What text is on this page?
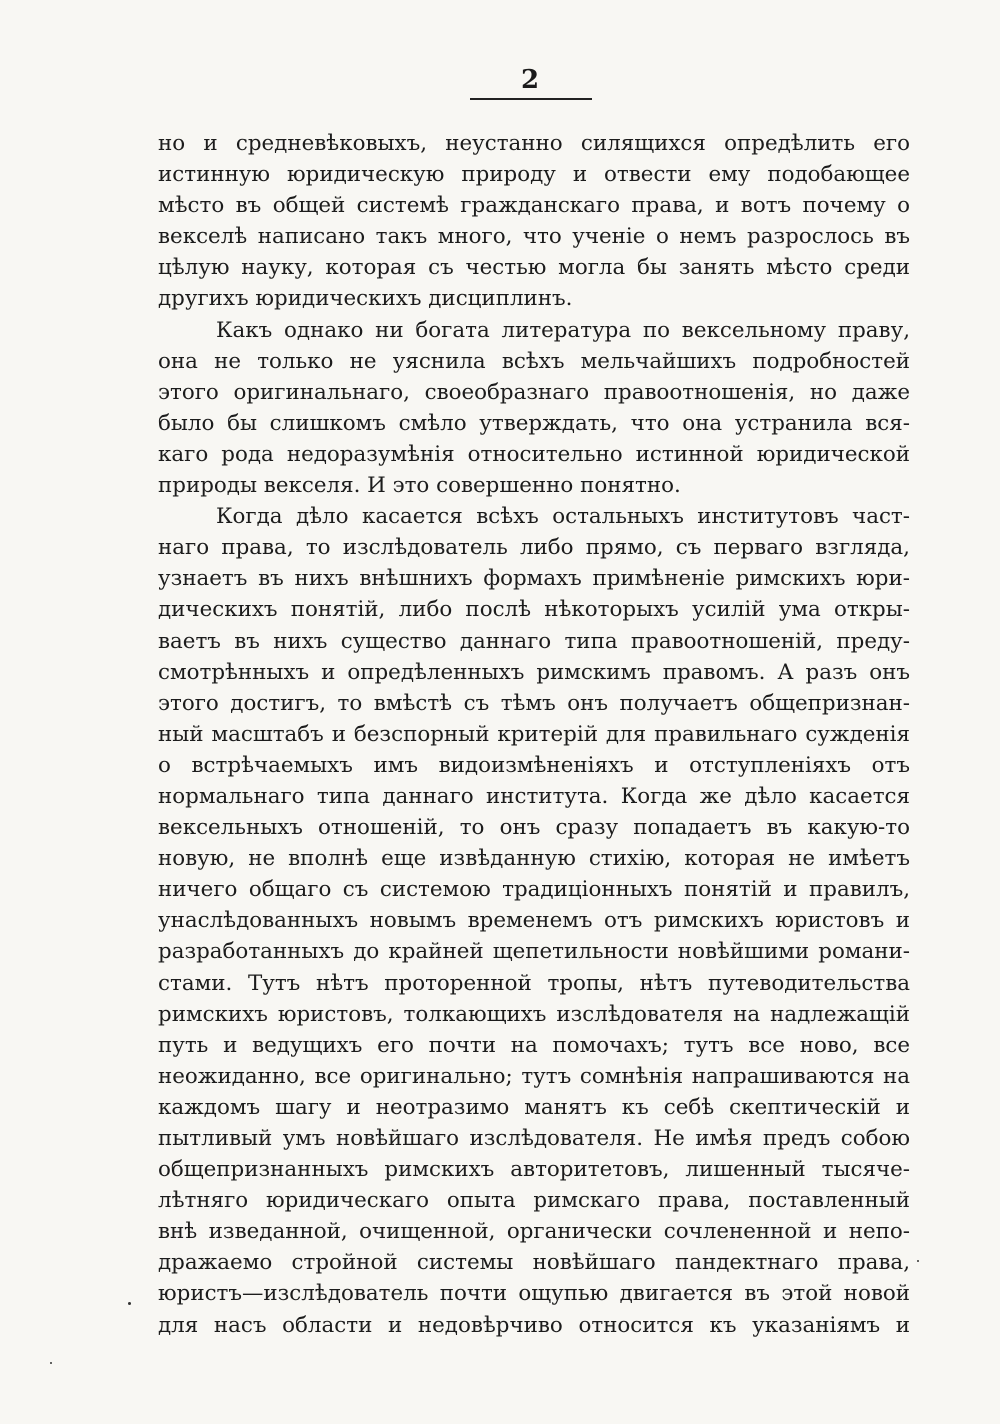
2
но и средневѣковыхъ, неустанно силящихся опредѣлить его
истинную юридическую природу и отвести ему подобающее
мѣсто въ общей системѣ гражданскаго права, и вотъ почему о
векселѣ написано такъ много, что ученіе о немъ разрослось въ
цѣлую науку, которая съ честью могла бы занять мѣсто среди
другихъ юридическихъ дисциплинъ.
Какъ однако ни богата литература по вексельному праву,
она не только не уяснила всѣхъ мельчайшихъ подробностей
этого оригинальнаго, своеобразнаго правоотношенія, но даже
было бы слишкомъ смѣло утверждать, что она устранила вся-
каго рода недоразумѣнія относительно истинной юридической
природы векселя. И это совершенно понятно.
Когда дѣло касается всѣхъ остальныхъ институтовъ част-
наго права, то изслѣдователь либо прямо, съ перваго взгляда,
узнаетъ въ нихъ внѣшнихъ формахъ примѣненіе римскихъ юри-
дическихъ понятій, либо послѣ нѣкоторыхъ усилій ума откры-
ваетъ въ нихъ существо даннаго типа правоотношеній, преду-
смотрѣнныхъ и опредѣленныхъ римскимъ правомъ. А разъ онъ
этого достигъ, то вмѣстѣ съ тѣмъ онъ получаетъ общепризнан-
ный масштабъ и безспорный критерій для правильнаго сужденія
о встрѣчаемыхъ имъ видоизмѣненіяхъ и отступленіяхъ отъ
нормальнаго типа даннаго института. Когда же дѣло касается
вексельныхъ отношеній, то онъ сразу попадаетъ въ какую-то
новую, не вполнѣ еще извѣданную стихію, которая не имѣетъ
ничего общаго съ системою традиціонныхъ понятій и правилъ,
унаслѣдованныхъ новымъ временемъ отъ римскихъ юристовъ и
разработанныхъ до крайней щепетильности новѣйшими романи-
стами. Тутъ нѣтъ проторенной тропы, нѣтъ путеводительства
римскихъ юристовъ, толкающихъ изслѣдователя на надлежащій
путь и ведущихъ его почти на помочахъ; тутъ все ново, все
неожиданно, все оригинально; тутъ сомнѣнія напрашиваются на
каждомъ шагу и неотразимо манятъ къ себѣ скептическій и
пытливый умъ новѣйшаго изслѣдователя. Не имѣя предъ собою
общепризнанныхъ римскихъ авторитетовъ, лишенный тысяче-
лѣтняго юридическаго опыта римскаго права, поставленный
внѣ изведанной, очищенной, органически сочлененной и непо-
дражаемо стройной системы новѣйшаго пандектнаго права,
юристъ—изслѣдователь почти ощупью двигается въ этой новой
для насъ области и недовѣрчиво относится къ указаніямъ и
